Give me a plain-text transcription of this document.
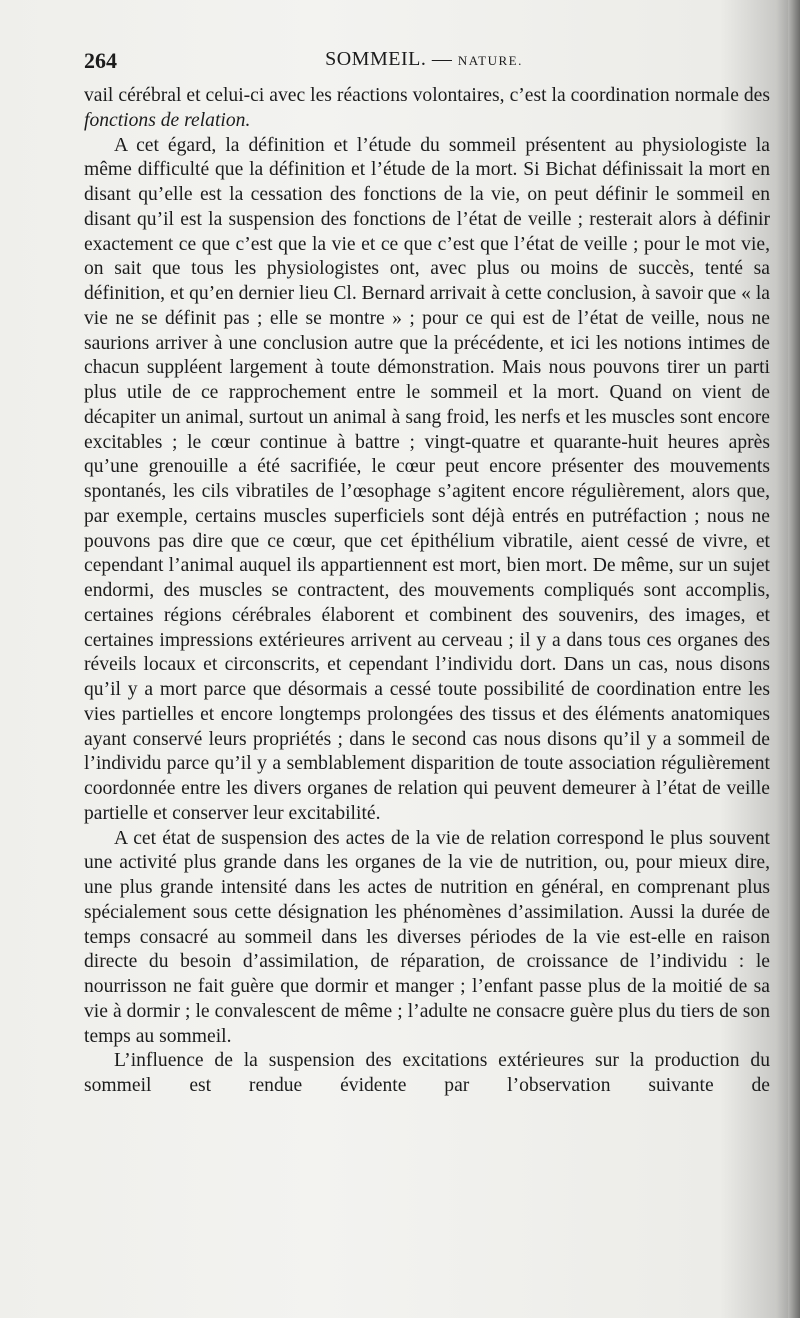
264	SOMMEIL. — NATURE.

vail cérébral et celui-ci avec les réactions volontaires, c’est la coordination normale des fonctions de relation.

A cet égard, la définition et l’étude du sommeil présentent au physiologiste la même difficulté que la définition et l’étude de la mort. Si Bichat définissait la mort en disant qu’elle est la cessation des fonctions de la vie, on peut définir le sommeil en disant qu’il est la suspension des fonctions de l’état de veille ; resterait alors à définir exactement ce que c’est que la vie et ce que c’est que l’état de veille ; pour le mot vie, on sait que tous les physiologistes ont, avec plus ou moins de succès, tenté sa définition, et qu’en dernier lieu Cl. Bernard arrivait à cette conclusion, à savoir que « la vie ne se définit pas ; elle se montre » ; pour ce qui est de l’état de veille, nous ne saurions arriver à une conclusion autre que la précédente, et ici les notions intimes de chacun suppléent largement à toute démonstration. Mais nous pouvons tirer un parti plus utile de ce rapprochement entre le sommeil et la mort. Quand on vient de décapiter un animal, surtout un animal à sang froid, les nerfs et les muscles sont encore excitables ; le cœur continue à battre ; vingt-quatre et quarante-huit heures après qu’une grenouille a été sacrifiée, le cœur peut encore présenter des mouvements spontanés, les cils vibratiles de l’œsophage s’agitent encore régulièrement, alors que, par exemple, certains muscles superficiels sont déjà entrés en putréfaction ; nous ne pouvons pas dire que ce cœur, que cet épithélium vibratile, aient cessé de vivre, et cependant l’animal auquel ils appartiennent est mort, bien mort. De même, sur un sujet endormi, des muscles se contractent, des mouvements compliqués sont accomplis, certaines régions cérébrales élaborent et combinent des souvenirs, des images, et certaines impressions extérieures arrivent au cerveau ; il y a dans tous ces organes des réveils locaux et circonscrits, et cependant l’individu dort. Dans un cas, nous disons qu’il y a mort parce que désormais a cessé toute possibilité de coordination entre les vies partielles et encore longtemps prolongées des tissus et des éléments anatomiques ayant conservé leurs propriétés ; dans le second cas nous disons qu’il y a sommeil de l’individu parce qu’il y a semblablement disparition de toute association régulièrement coordonnée entre les divers organes de relation qui peuvent demeurer à l’état de veille partielle et conserver leur excitabilité.

A cet état de suspension des actes de la vie de relation correspond le plus souvent une activité plus grande dans les organes de la vie de nutrition, ou, pour mieux dire, une plus grande intensité dans les actes de nutrition en général, en comprenant plus spécialement sous cette désignation les phénomènes d’assimilation. Aussi la durée de temps consacré au sommeil dans les diverses périodes de la vie est-elle en raison directe du besoin d’assimilation, de réparation, de croissance de l’individu : le nourrisson ne fait guère que dormir et manger ; l’enfant passe plus de la moitié de sa vie à dormir ; le convalescent de même ; l’adulte ne consacre guère plus du tiers de son temps au sommeil.

L’influence de la suspension des excitations extérieures sur la production du sommeil est rendue évidente par l’observation suivante de
